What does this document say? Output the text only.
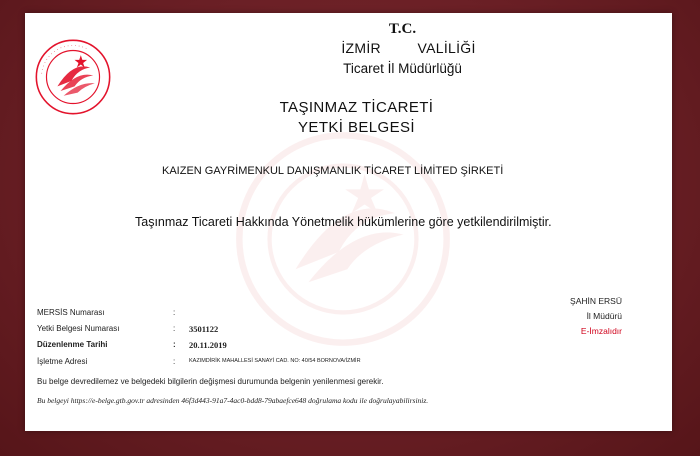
· · · · · · · · · · · · · · · · ·
T.C.
İZMİR   VALİLİĞİ
Ticaret İl Müdürlüğü
TAŞINMAZ TİCARETİ
YETKİ BELGESİ
KAIZEN GAYRİMENKUL DANIŞMANLIK TİCARET LİMİTED ŞİRKETİ
Taşınmaz Ticareti Hakkında Yönetmelik hükümlerine göre yetkilendirilmiştir.
MERSİS Numarası	:
Yetki Belgesi Numarası	: 3501122
Düzenlenme Tarihi	: 20.11.2019
İşletme Adresi	:	KAZIMDİRİK MAHALLESİ SANAYİ CAD. NO: 40/54 BORNOVA/İZMİR
ŞAHİN ERSÜ
İl Müdürü
E-İmzalıdır
Bu belge devredilemez ve belgedeki bilgilerin değişmesi durumunda belgenin yenilenmesi gerekir.
Bu belgeyi https://e-belge.gtb.gov.tr adresinden 46f3d443-91a7-4ac0-bdd8-79abaefce648 doğrulama kodu ile doğrulayabilirsiniz.
